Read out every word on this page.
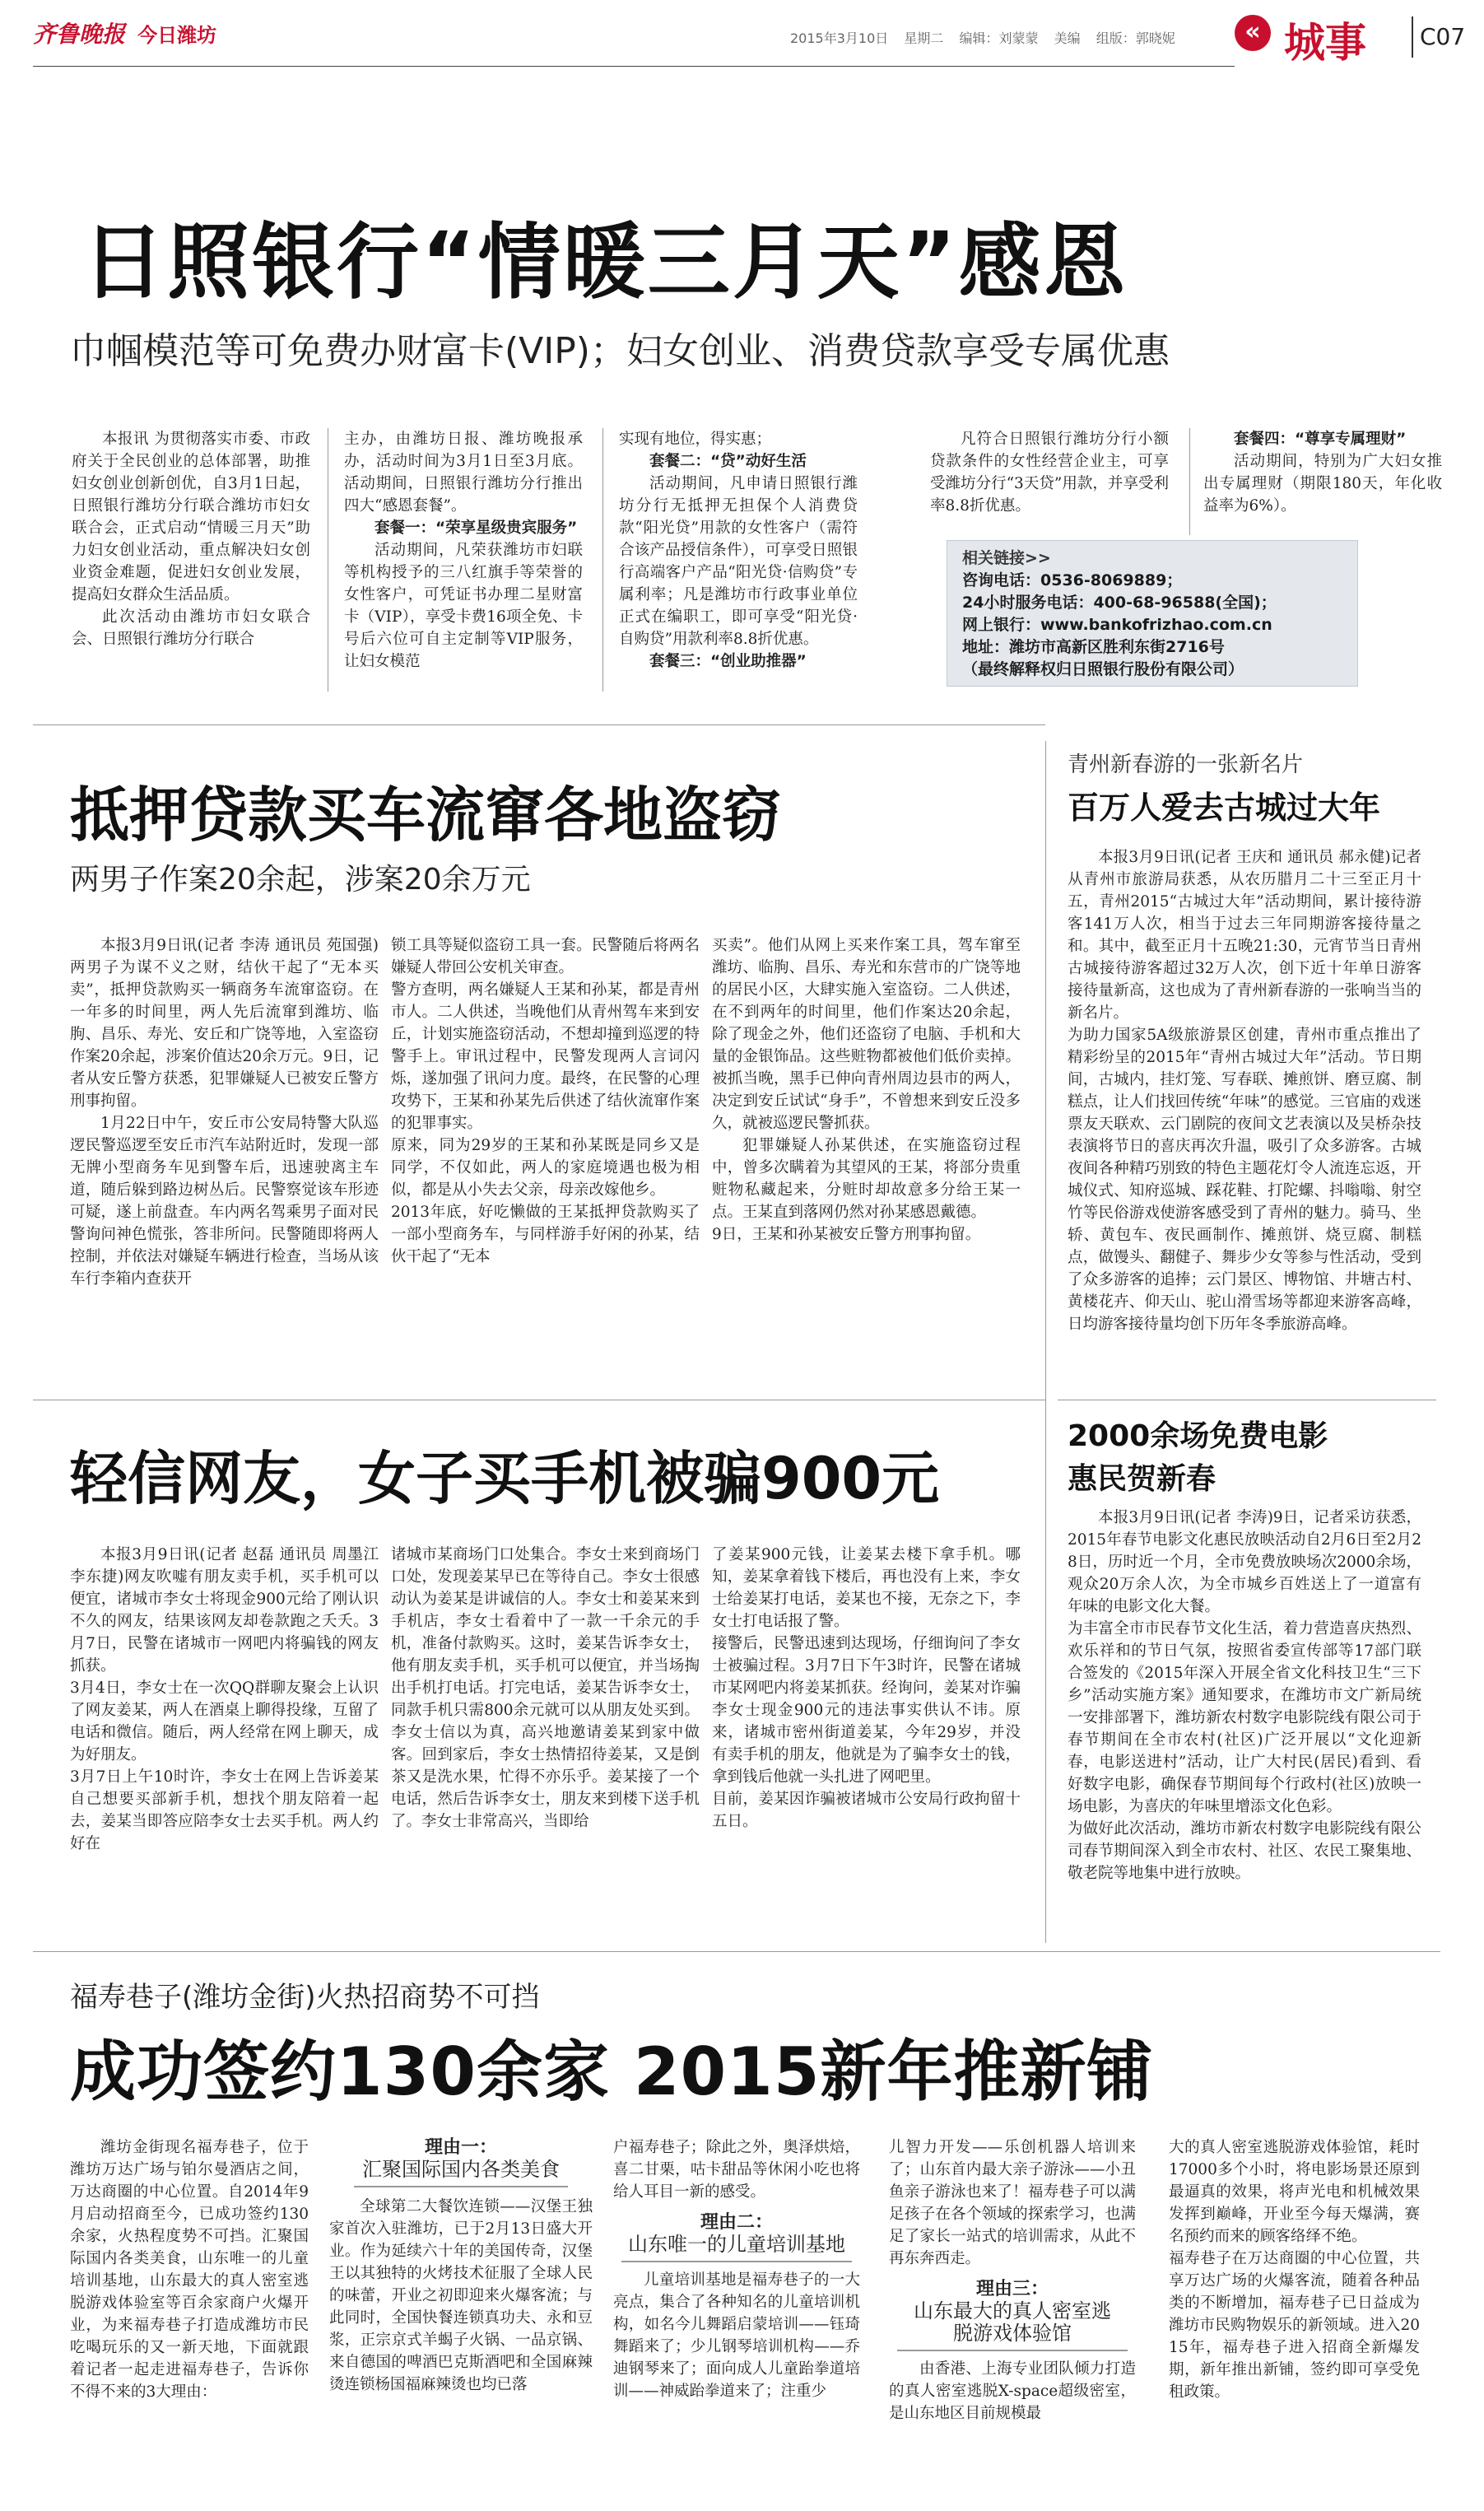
齐鲁晚报 今日潍坊	2015年3月10日 星期二 编辑：刘蒙蒙 美编 组版：郭晓妮	« 城事 C07
日照银行“情暖三月天”感恩
巾帼模范等可免费办财富卡(VIP)；妇女创业、消费贷款享受专属优惠

本报讯 为贯彻落实市委、市政府关于全民创业的总体部署，助推妇女创业创新创优，自3月1日起，日照银行潍坊分行联合潍坊市妇女联合会，正式启动“情暖三月天”助力妇女创业活动，重点解决妇女创业资金难题，促进妇女创业发展，提高妇女群众生活品质。

此次活动由潍坊市妇女联合会、日照银行潍坊分行联合

主办，由潍坊日报、潍坊晚报承办，活动时间为3月1日至3月底。活动期间，日照银行潍坊分行推出四大“感恩套餐”。

套餐一：“荣享星级贵宾服务”

活动期间，凡荣获潍坊市妇联等机构授予的三八红旗手等荣誉的女性客户，可凭证书办理二星财富卡（VIP），享受卡费16项全免、卡号后六位可自主定制等VIP服务，让妇女模范

实现有地位，得实惠；

套餐二：“贷”动好生活

活动期间，凡申请日照银行潍坊分行无抵押无担保个人消费贷款“阳光贷”用款的女性客户（需符合该产品授信条件），可享受日照银行高端客户产品“阳光贷·信购贷”专属利率；凡是潍坊市行政事业单位正式在编职工，即可享受“阳光贷·自购贷”用款利率8.8折优惠。

套餐三：“创业助推器”

凡符合日照银行潍坊分行小额贷款条件的女性经营企业主，可享受潍坊分行“3天贷”用款，并享受利率8.8折优惠。

套餐四：“尊享专属理财”

活动期间，特别为广大妇女推出专属理财（期限180天，年化收益率为6%）。

相关链接>>
咨询电话：0536-8069889；
24小时服务电话：400-68-96588(全国)；
网上银行：www.bankofrizhao.com.cn
地址：潍坊市高新区胜利东街2716号
（最终解释权归日照银行股份有限公司）
抵押贷款买车流窜各地盗窃
两男子作案20余起，涉案20余万元

本报3月9日讯(记者 李涛 通讯员 苑国强)两男子为谋不义之财，结伙干起了“无本买卖”，抵押贷款购买一辆商务车流窜盗窃。在一年多的时间里，两人先后流窜到潍坊、临朐、昌乐、寿光、安丘和广饶等地，入室盗窃作案20余起，涉案价值达20余万元。9日，记者从安丘警方获悉，犯罪嫌疑人已被安丘警方刑事拘留。

1月22日中午，安丘市公安局特警大队巡逻民警巡逻至安丘市汽车站附近时，发现一部无牌小型商务车见到警车后，迅速驶离主车道，随后躲到路边树丛后。民警察觉该车形迹可疑，遂上前盘查。车内两名驾乘男子面对民警询问神色慌张，答非所问。民警随即将两人控制，并依法对嫌疑车辆进行检查，当场从该车行李箱内查获开

锁工具等疑似盗窃工具一套。民警随后将两名嫌疑人带回公安机关审查。
警方查明，两名嫌疑人王某和孙某，都是青州市人。二人供述，当晚他们从青州驾车来到安丘，计划实施盗窃活动，不想却撞到巡逻的特警手上。审讯过程中，民警发现两人言词闪烁，遂加强了讯问力度。最终，在民警的心理攻势下，王某和孙某先后供述了结伙流窜作案的犯罪事实。
原来，同为29岁的王某和孙某既是同乡又是同学，不仅如此，两人的家庭境遇也极为相似，都是从小失去父亲，母亲改嫁他乡。
2013年底，好吃懒做的王某抵押贷款购买了一部小型商务车，与同样游手好闲的孙某，结伙干起了“无本

买卖”。他们从网上买来作案工具，驾车窜至潍坊、临朐、昌乐、寿光和东营市的广饶等地的居民小区，大肆实施入室盗窃。二人供述，在不到两年的时间里，他们作案达20余起，除了现金之外，他们还盗窃了电脑、手机和大量的金银饰品。这些赃物都被他们低价卖掉。被抓当晚，黑手已伸向青州周边县市的两人，决定到安丘试试“身手”，不曾想来到安丘没多久，就被巡逻民警抓获。

犯罪嫌疑人孙某供述，在实施盗窃过程中，曾多次瞒着为其望风的王某，将部分贵重赃物私藏起来，分赃时却故意多分给王某一点。王某直到落网仍然对孙某感恩戴德。
9日，王某和孙某被安丘警方刑事拘留。

青州新春游的一张新名片
百万人爱去古城过大年

本报3月9日讯(记者 王庆和 通讯员 郝永健)记者从青州市旅游局获悉，从农历腊月二十三至正月十五，青州2015“古城过大年”活动期间，累计接待游客141万人次，相当于过去三年同期游客接待量之和。其中，截至正月十五晚21:30，元宵节当日青州古城接待游客超过32万人次，创下近十年单日游客接待量新高，这也成为了青州新春游的一张响当当的新名片。
为助力国家5A级旅游景区创建，青州市重点推出了精彩纷呈的2015年“青州古城过大年”活动。节日期间，古城内，挂灯笼、写春联、摊煎饼、磨豆腐、制糕点，让人们找回传统“年味”的感觉。三官庙的戏迷票友天联欢、云门剧院的夜间文艺表演以及吴桥杂技表演将节日的喜庆再次升温，吸引了众多游客。古城夜间各种精巧别致的特色主题花灯令人流连忘返，开城仪式、知府巡城、踩花鞋、打陀螺、抖嗡嗡、射空竹等民俗游戏使游客感受到了青州的魅力。骑马、坐轿、黄包车、夜民画制作、摊煎饼、烧豆腐、制糕点，做馒头、翻健子、舞步少女等参与性活动，受到了众多游客的追捧；云门景区、博物馆、井塘古村、黄楼花卉、仰天山、驼山滑雪场等都迎来游客高峰，日均游客接待量均创下历年冬季旅游高峰。

轻信网友，女子买手机被骗900元

本报3月9日讯(记者 赵磊 通讯员 周墨江 李东捷)网友吹嘘有朋友卖手机，买手机可以便宜，诸城市李女士将现金900元给了刚认识不久的网友，结果该网友却卷款跑之夭夭。3月7日，民警在诸城市一网吧内将骗钱的网友抓获。
3月4日，李女士在一次QQ群聊友聚会上认识了网友姜某，两人在酒桌上聊得投缘，互留了电话和微信。随后，两人经常在网上聊天，成为好朋友。
3月7日上午10时许，李女士在网上告诉姜某自己想要买部新手机，想找个朋友陪着一起去，姜某当即答应陪李女士去买手机。两人约好在

诸城市某商场门口处集合。李女士来到商场门口处，发现姜某早已在等待自己。李女士很感动认为姜某是讲诚信的人。李女士和姜某来到手机店，李女士看着中了一款一千余元的手机，准备付款购买。这时，姜某告诉李女士，他有朋友卖手机，买手机可以便宜，并当场掏出手机打电话。打完电话，姜某告诉李女士，同款手机只需800余元就可以从朋友处买到。李女士信以为真，高兴地邀请姜某到家中做客。回到家后，李女士热情招待姜某，又是倒茶又是洗水果，忙得不亦乐乎。姜某接了一个电话，然后告诉李女士，朋友来到楼下送手机了。李女士非常高兴，当即给

了姜某900元钱，让姜某去楼下拿手机。哪知，姜某拿着钱下楼后，再也没有上来，李女士给姜某打电话，姜某也不接，无奈之下，李女士打电话报了警。
接警后，民警迅速到达现场，仔细询问了李女士被骗过程。3月7日下午3时许，民警在诸城市某网吧内将姜某抓获。经询问，姜某对诈骗李女士现金900元的违法事实供认不讳。原来，诸城市密州街道姜某，今年29岁，并没有卖手机的朋友，他就是为了骗李女士的钱，拿到钱后他就一头扎进了网吧里。
目前，姜某因诈骗被诸城市公安局行政拘留十五日。

2000余场免费电影
惠民贺新春

本报3月9日讯(记者 李涛)9日，记者采访获悉，2015年春节电影文化惠民放映活动自2月6日至2月28日，历时近一个月，全市免费放映场次2000余场，观众20万余人次，为全市城乡百姓送上了一道富有年味的电影文化大餐。
为丰富全市市民春节文化生活，着力营造喜庆热烈、欢乐祥和的节日气氛，按照省委宣传部等17部门联合签发的《2015年深入开展全省文化科技卫生“三下乡”活动实施方案》通知要求，在潍坊市文广新局统一安排部署下，潍坊新农村数字电影院线有限公司于春节期间在全市农村(社区)广泛开展以“文化迎新春，电影送进村”活动，让广大村民(居民)看到、看好数字电影，确保春节期间每个行政村(社区)放映一场电影，为喜庆的年味里增添文化色彩。
为做好此次活动，潍坊市新农村数字电影院线有限公司春节期间深入到全市农村、社区、农民工聚集地、敬老院等地集中进行放映。

福寿巷子(潍坊金街)火热招商势不可挡
成功签约130余家 2015新年推新铺

潍坊金街现名福寿巷子，位于潍坊万达广场与铂尔曼酒店之间，万达商圈的中心位置。自2014年9月启动招商至今，已成功签约130余家，火热程度势不可挡。汇聚国际国内各类美食，山东唯一的儿童培训基地，山东最大的真人密室逃脱游戏体验室等百余家商户火爆开业，为来福寿巷子打造成潍坊市民吃喝玩乐的又一新天地，下面就跟着记者一起走进福寿巷子，告诉你不得不来的3大理由：

理由一：
汇聚国际国内各类美食

全球第二大餐饮连锁——汉堡王独家首次入驻潍坊，已于2月13日盛大开业。作为延续六十年的美国传奇，汉堡王以其独特的火烤技术征服了全球人民的味蕾，开业之初即迎来火爆客流；与此同时，全国快餐连锁真功夫、永和豆浆，正宗京式羊蝎子火锅、一品京锅、来自德国的啤酒巴克斯酒吧和全国麻辣烫连锁杨国福麻辣烫也均已落

户福寿巷子；除此之外，奥泽烘焙，喜二甘栗，咕卡甜品等休闲小吃也将给人耳目一新的感受。

理由二：
山东唯一的儿童培训基地

儿童培训基地是福寿巷子的一大亮点，集合了各种知名的儿童培训机构，如名今儿舞蹈启蒙培训——钰琦舞蹈来了；少儿钢琴培训机构——乔迪钢琴来了；面向成人儿童跆拳道培训——神威跆拳道来了；注重少

儿智力开发——乐创机器人培训来了；山东首内最大亲子游泳——小丑鱼亲子游泳也来了！福寿巷子可以满足孩子在各个领域的探索学习，也满足了家长一站式的培训需求，从此不再东奔西走。

理由三：
山东最大的真人密室逃脱游戏体验馆

由香港、上海专业团队倾力打造的真人密室逃脱X-space超级密室，是山东地区目前规模最

大的真人密室逃脱游戏体验馆，耗时17000多个小时，将电影场景还原到最逼真的效果，将声光电和机械效果发挥到巅峰，开业至今每天爆满，赛名预约而来的顾客络绎不绝。
福寿巷子在万达商圈的中心位置，共享万达广场的火爆客流，随着各种品类的不断增加，福寿巷子已日益成为潍坊市民购物娱乐的新领域。进入2015年，福寿巷子进入招商全新爆发期，新年推出新铺，签约即可享受免租政策。
